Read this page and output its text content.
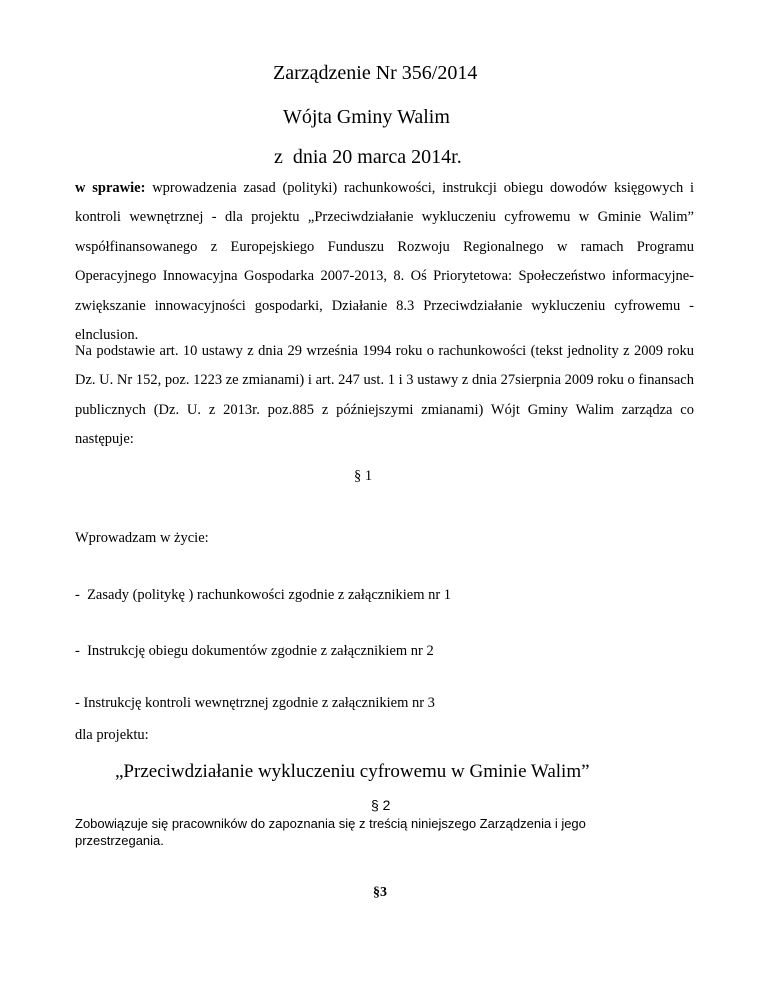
Zarządzenie Nr 356/2014
Wójta Gminy Walim
z  dnia 20 marca 2014r.

w sprawie: wprowadzenia zasad (polityki) rachunkowości, instrukcji obiegu dowodów księgowych i kontroli wewnętrznej - dla projektu „Przeciwdziałanie wykluczeniu cyfrowemu w Gminie Walim” współfinansowanego z Europejskiego Funduszu Rozwoju Regionalnego w ramach Programu Operacyjnego Innowacyjna Gospodarka 2007-2013, 8. Oś Priorytetowa: Społeczeństwo informacyjne-zwiększanie innowacyjności gospodarki, Działanie 8.3 Przeciwdziałanie wykluczeniu cyfrowemu - elnclusion.

Na podstawie art. 10 ustawy z dnia 29 września 1994 roku o rachunkowości (tekst jednolity z 2009 roku Dz. U. Nr 152, poz. 1223 ze zmianami) i art. 247 ust. 1 i 3 ustawy z dnia 27sierpnia 2009 roku o finansach publicznych (Dz. U. z 2013r. poz.885 z późniejszymi zmianami) Wójt Gminy Walim zarządza co następuje:

§ 1
Wprowadzam w życie:
-  Zasady (politykę ) rachunkowości zgodnie z załącznikiem nr 1
-  Instrukcję obiegu dokumentów zgodnie z załącznikiem nr 2
- Instrukcję kontroli wewnętrznej zgodnie z załącznikiem nr 3
dla projektu:
„Przeciwdziałanie wykluczeniu cyfrowemu w Gminie Walim”
§ 2
Zobowiązuje się pracowników do zapoznania się z treścią niniejszego Zarządzenia i jego przestrzegania.
§3
